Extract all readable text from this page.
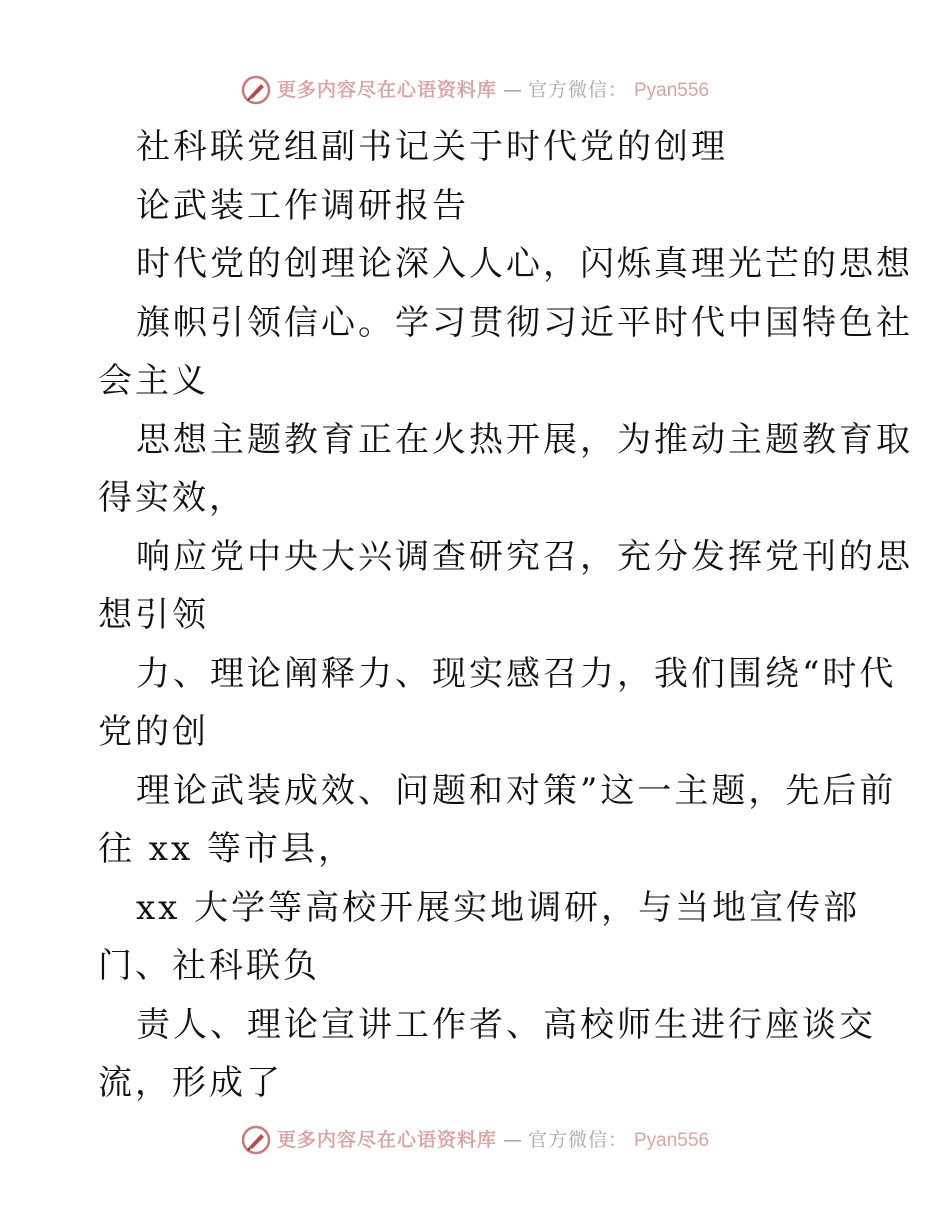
更多内容尽在心语资料库 — 官方微信： Pyan556
社科联党组副书记关于时代党的创理
论武装工作调研报告
时代党的创理论深入人心，闪烁真理光芒的思想
旗帜引领信心。学习贯彻习近平时代中国特色社
会主义
思想主题教育正在火热开展，为推动主题教育取
得实效，
响应党中央大兴调查研究召，充分发挥党刊的思
想引领
力、理论阐释力、现实感召力，我们围绕“时代
党的创
理论武装成效、问题和对策”这一主题，先后前
往 xx 等市县，
xx 大学等高校开展实地调研，与当地宣传部
门、社科联负
责人、理论宣讲工作者、高校师生进行座谈交
流，形成了
更多内容尽在心语资料库 — 官方微信： Pyan556
